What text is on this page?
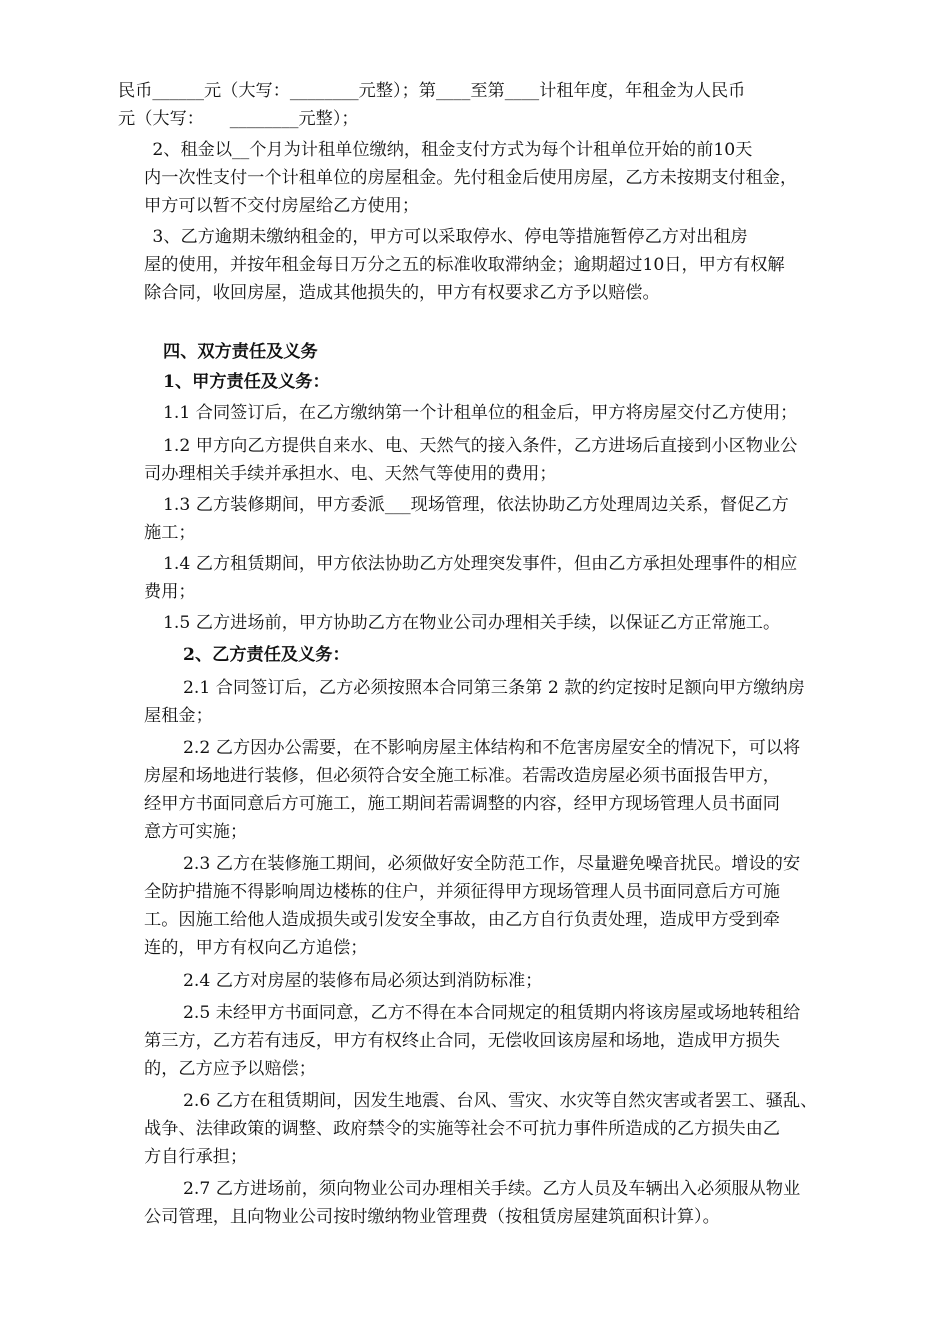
民币______元（大写：________元整）；第____至第____计租年度，年租金为人民币
元（大写：　　________元整）；
　　2、租金以__个月为计租单位缴纳，租金支付方式为每个计租单位开始的前10天
内一次性支付一个计租单位的房屋租金。先付租金后使用房屋，乙方未按期支付租金，
甲方可以暂不交付房屋给乙方使用；
　　3、乙方逾期未缴纳租金的，甲方可以采取停水、停电等措施暂停乙方对出租房
屋的使用，并按年租金每日万分之五的标准收取滞纳金；逾期超过10日，甲方有权解
除合同，收回房屋，造成其他损失的，甲方有权要求乙方予以赔偿。
四、双方责任及义务
1、甲方责任及义务：
1.1 合同签订后，在乙方缴纳第一个计租单位的租金后，甲方将房屋交付乙方使用；
1.2 甲方向乙方提供自来水、电、天然气的接入条件，乙方进场后直接到小区物业公
司办理相关手续并承担水、电、天然气等使用的费用；
1.3 乙方装修期间，甲方委派___现场管理，依法协助乙方处理周边关系，督促乙方
施工；
1.4 乙方租赁期间，甲方依法协助乙方处理突发事件，但由乙方承担处理事件的相应
费用；
1.5 乙方进场前，甲方协助乙方在物业公司办理相关手续，以保证乙方正常施工。
2、乙方责任及义务：
2.1 合同签订后，乙方必须按照本合同第三条第 2 款的约定按时足额向甲方缴纳房
屋租金；
2.2 乙方因办公需要，在不影响房屋主体结构和不危害房屋安全的情况下，可以将
房屋和场地进行装修，但必须符合安全施工标准。若需改造房屋必须书面报告甲方，
经甲方书面同意后方可施工，施工期间若需调整的内容，经甲方现场管理人员书面同
意方可实施；
2.3 乙方在装修施工期间，必须做好安全防范工作，尽量避免噪音扰民。增设的安
全防护措施不得影响周边楼栋的住户，并须征得甲方现场管理人员书面同意后方可施
工。因施工给他人造成损失或引发安全事故，由乙方自行负责处理，造成甲方受到牵
连的，甲方有权向乙方追偿；
2.4 乙方对房屋的装修布局必须达到消防标准；
2.5 未经甲方书面同意，乙方不得在本合同规定的租赁期内将该房屋或场地转租给
第三方，乙方若有违反，甲方有权终止合同，无偿收回该房屋和场地，造成甲方损失
的，乙方应予以赔偿；
2.6 乙方在租赁期间，因发生地震、台风、雪灾、水灾等自然灾害或者罢工、骚乱、
战争、法律政策的调整、政府禁令的实施等社会不可抗力事件所造成的乙方损失由乙
方自行承担；
2.7 乙方进场前，须向物业公司办理相关手续。乙方人员及车辆出入必须服从物业
公司管理，且向物业公司按时缴纳物业管理费（按租赁房屋建筑面积计算）。
